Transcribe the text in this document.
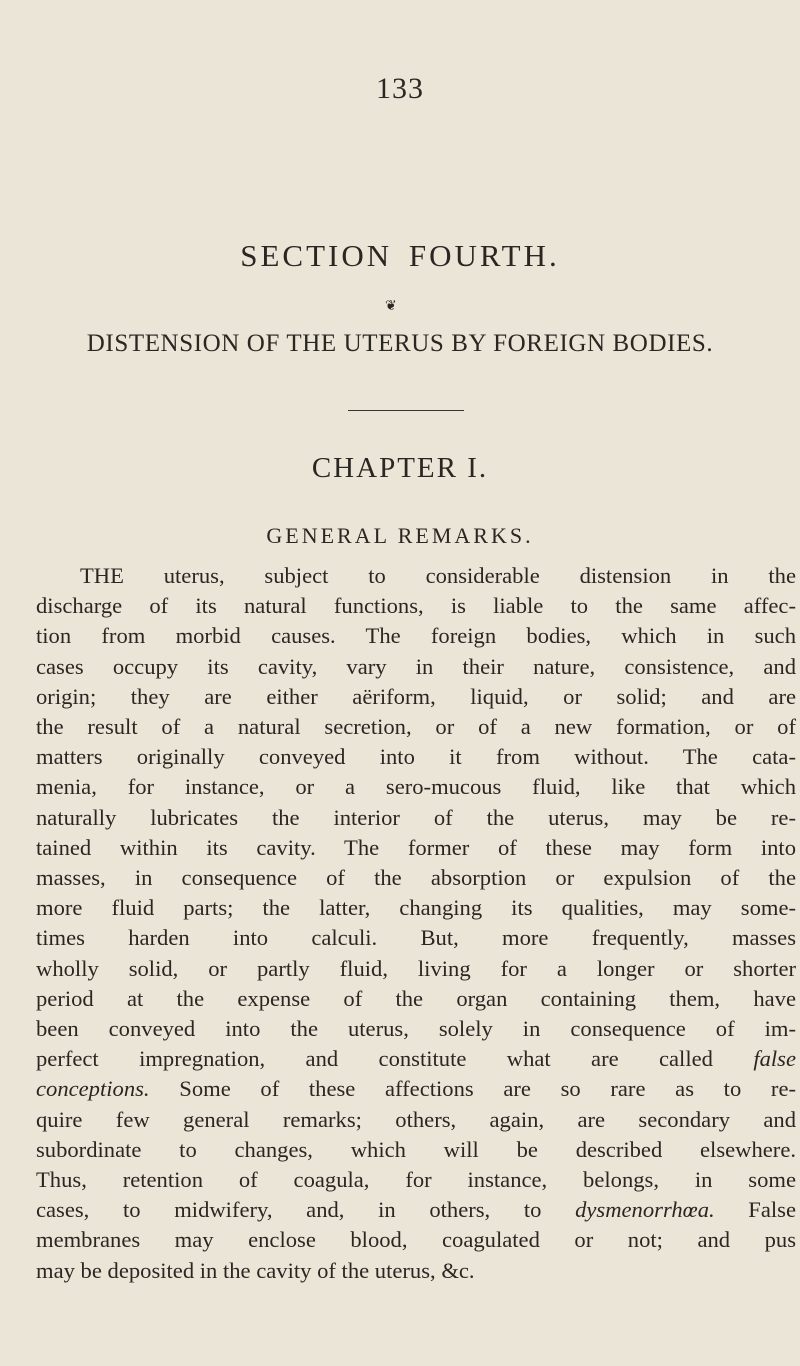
133
SECTION FOURTH.
❦
DISTENSION OF THE UTERUS BY FOREIGN BODIES.
CHAPTER I.
GENERAL REMARKS.
THE uterus, subject to considerable distension in the
discharge of its natural functions, is liable to the same affec-
tion from morbid causes. The foreign bodies, which in such
cases occupy its cavity, vary in their nature, consistence, and
origin; they are either aëriform, liquid, or solid; and are
the result of a natural secretion, or of a new formation, or of
matters originally conveyed into it from without. The cata-
menia, for instance, or a sero-mucous fluid, like that which
naturally lubricates the interior of the uterus, may be re-
tained within its cavity. The former of these may form into
masses, in consequence of the absorption or expulsion of the
more fluid parts; the latter, changing its qualities, may some-
times harden into calculi. But, more frequently, masses
wholly solid, or partly fluid, living for a longer or shorter
period at the expense of the organ containing them, have
been conveyed into the uterus, solely in consequence of im-
perfect impregnation, and constitute what are called false
conceptions. Some of these affections are so rare as to re-
quire few general remarks; others, again, are secondary and
subordinate to changes, which will be described elsewhere.
Thus, retention of coagula, for instance, belongs, in some
cases, to midwifery, and, in others, to dysmenorrhœa. False
membranes may enclose blood, coagulated or not; and pus
may be deposited in the cavity of the uterus, &c.
